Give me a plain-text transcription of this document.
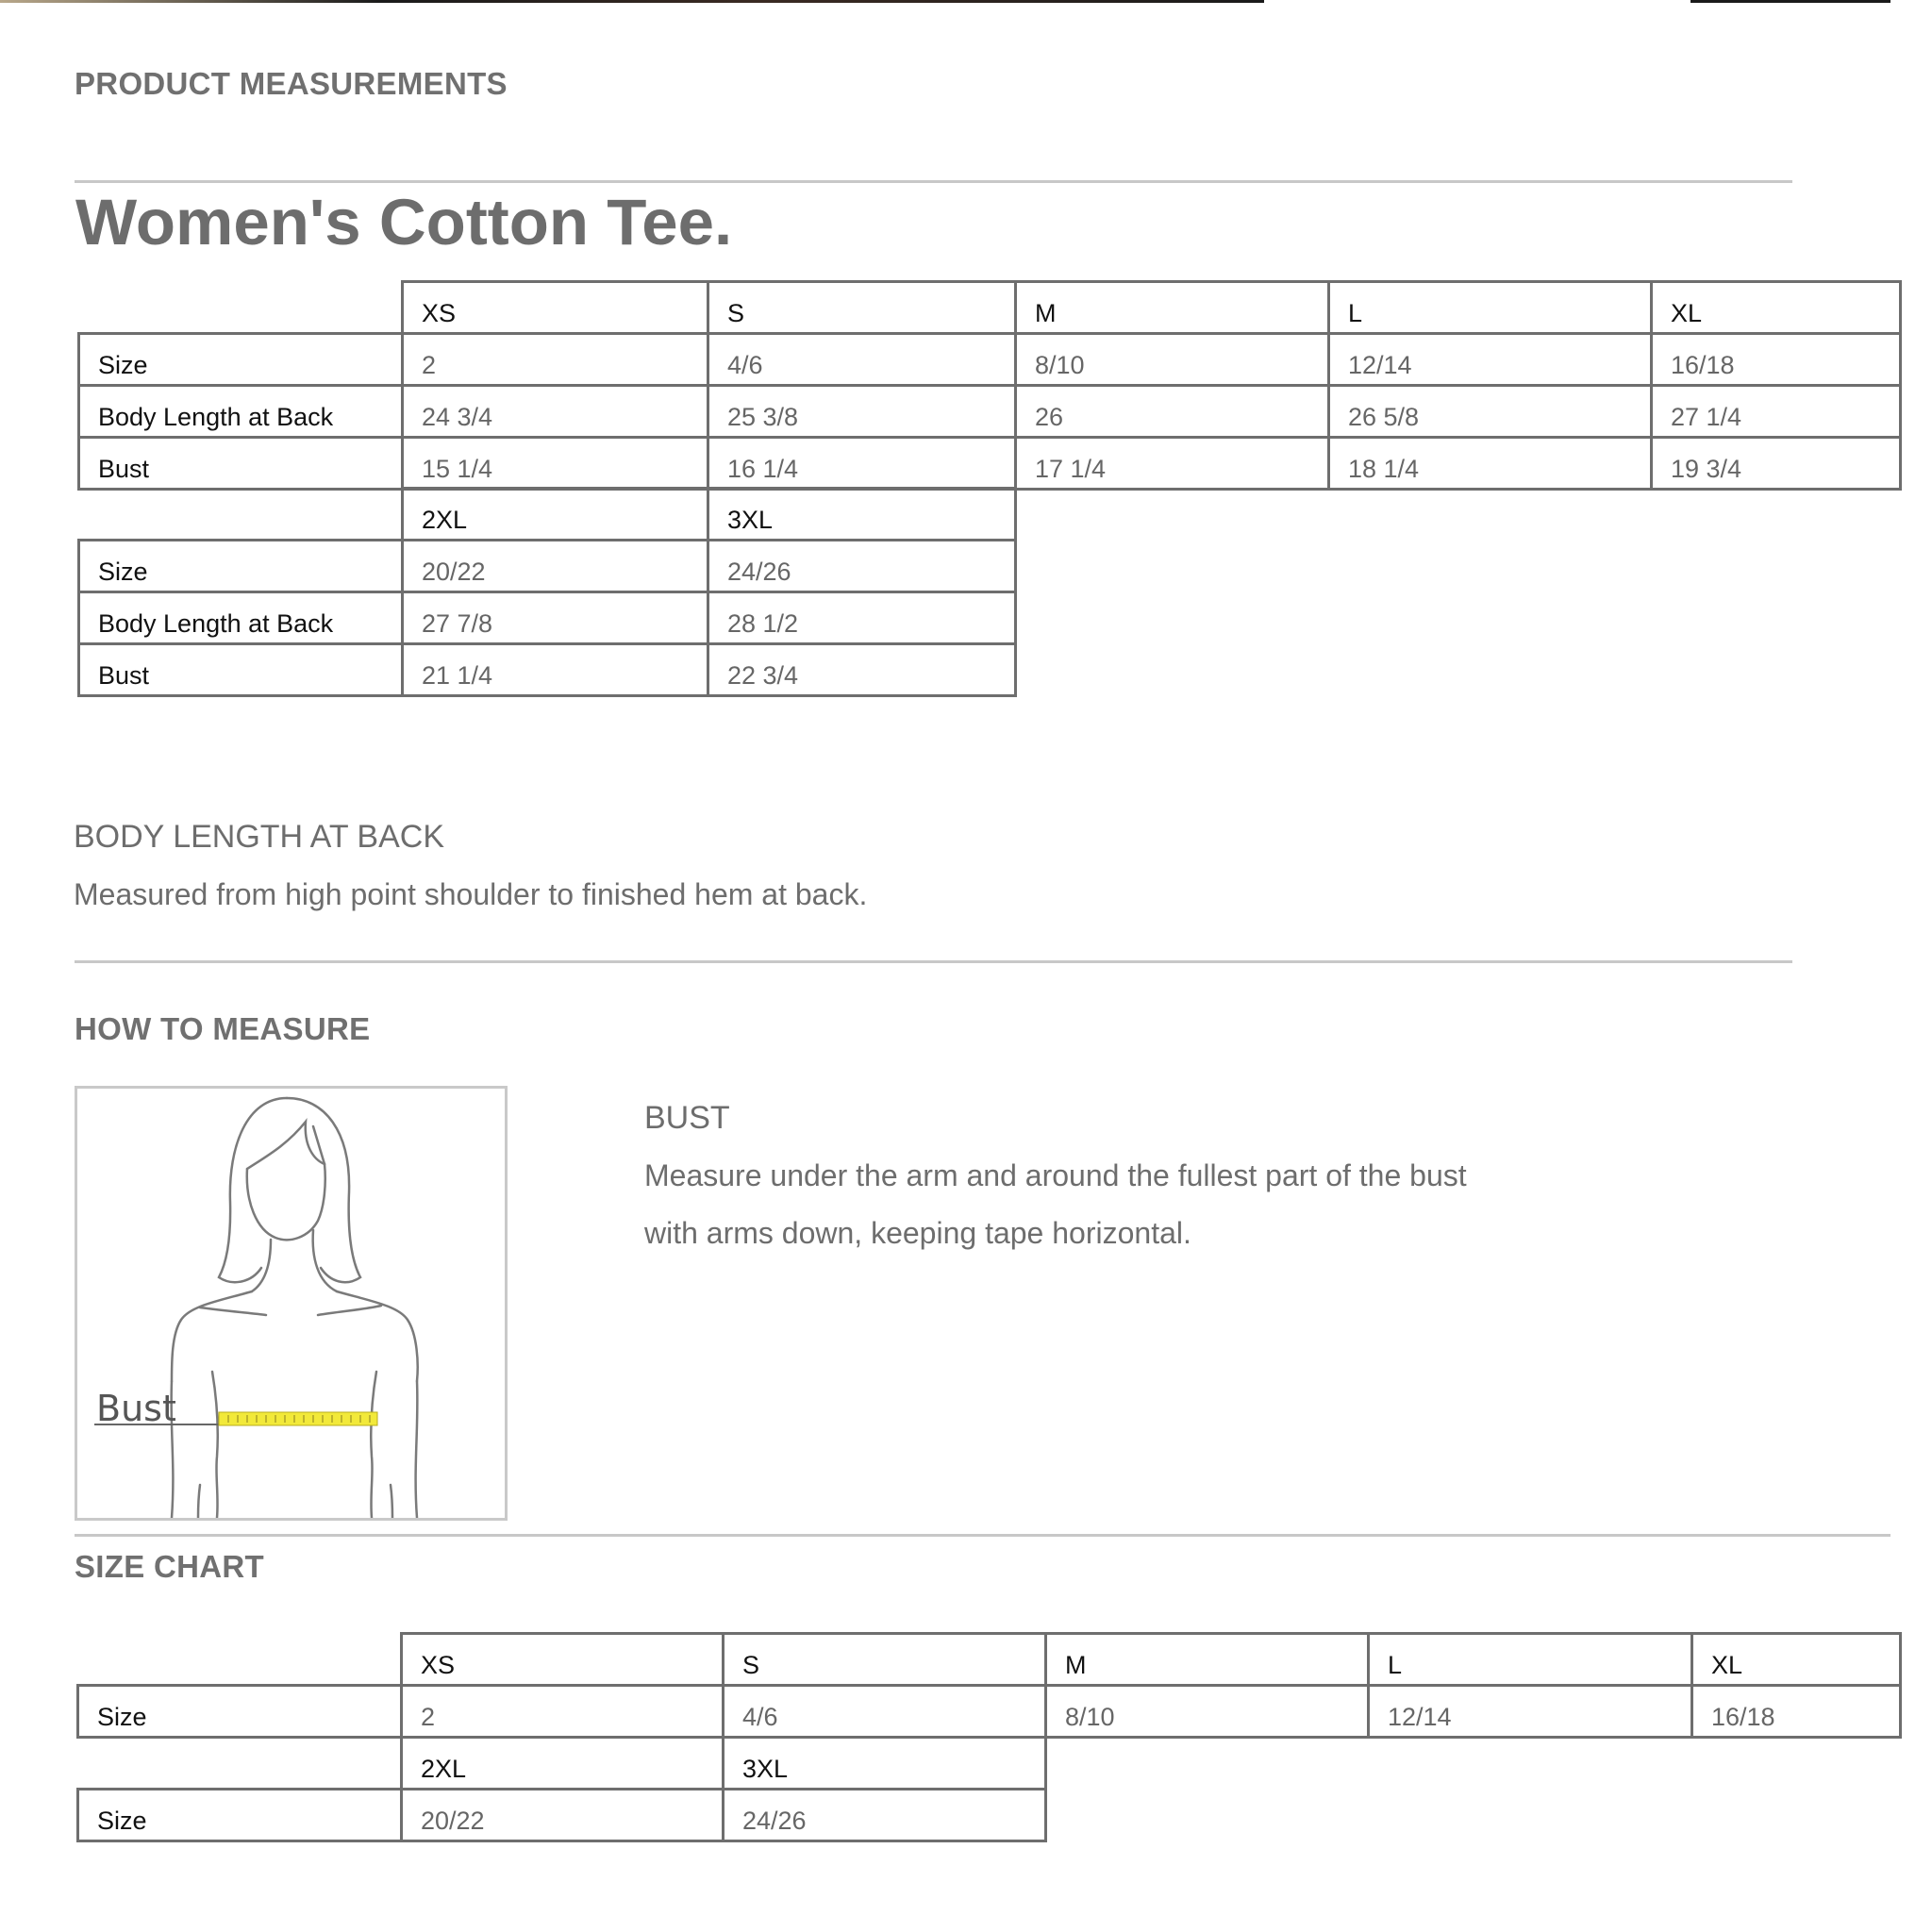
PRODUCT MEASUREMENTS
Women's Cotton Tee.
XS	S	M	L	XL
Size	2	4/6	8/10	12/14	16/18
Body Length at Back	24 3/4	25 3/8	26	26 5/8	27 1/4
Bust	15 1/4	16 1/4	17 1/4	18 1/4	19 3/4
2XL	3XL
Size	20/22	24/26
Body Length at Back	27 7/8	28 1/2
Bust	21 1/4	22 3/4
BODY LENGTH AT BACK
Measured from high point shoulder to finished hem at back.
HOW TO MEASURE
Bust
BUST
Measure under the arm and around the fullest part of the bust
with arms down, keeping tape horizontal.
SIZE CHART
XS	S	M	L	XL
Size	2	4/6	8/10	12/14	16/18
2XL	3XL
Size	20/22	24/26
